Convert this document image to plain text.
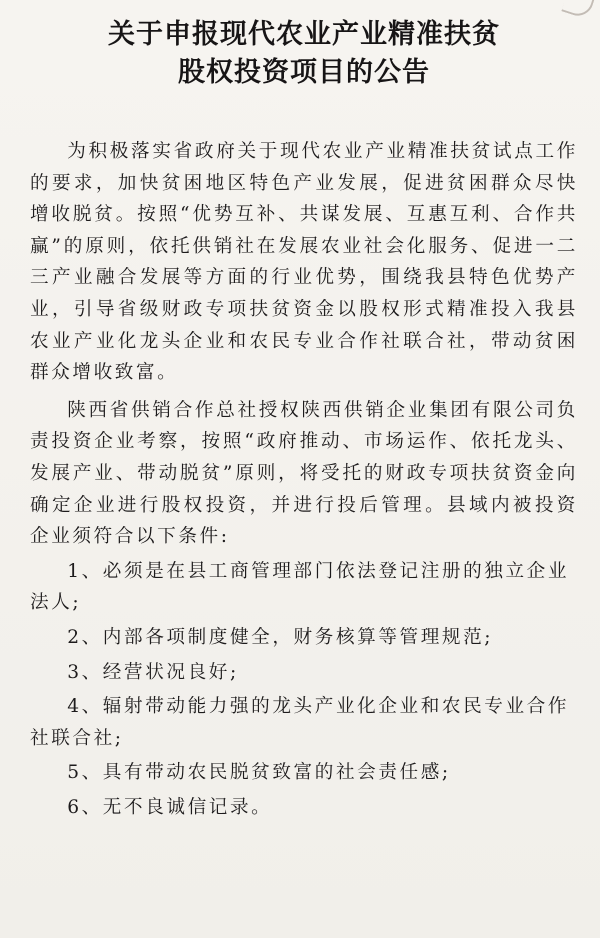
关于申报现代农业产业精准扶贫
股权投资项目的公告

为积极落实省政府关于现代农业产业精准扶贫试点工作的要求，加快贫困地区特色产业发展，促进贫困群众尽快增收脱贫。按照“优势互补、共谋发展、互惠互利、合作共赢”的原则，依托供销社在发展农业社会化服务、促进一二三产业融合发展等方面的行业优势，围绕我县特色优势产业，引导省级财政专项扶贫资金以股权形式精准投入我县农业产业化龙头企业和农民专业合作社联合社，带动贫困群众增收致富。

陕西省供销合作总社授权陕西供销企业集团有限公司负责投资企业考察，按照“政府推动、市场运作、依托龙头、发展产业、带动脱贫”原则，将受托的财政专项扶贫资金向确定企业进行股权投资，并进行投后管理。县域内被投资企业须符合以下条件:

1、必须是在县工商管理部门依法登记注册的独立企业法人;

2、内部各项制度健全，财务核算等管理规范;

3、经营状况良好;

4、辐射带动能力强的龙头产业化企业和农民专业合作社联合社;

5、具有带动农民脱贫致富的社会责任感;

6、无不良诚信记录。
